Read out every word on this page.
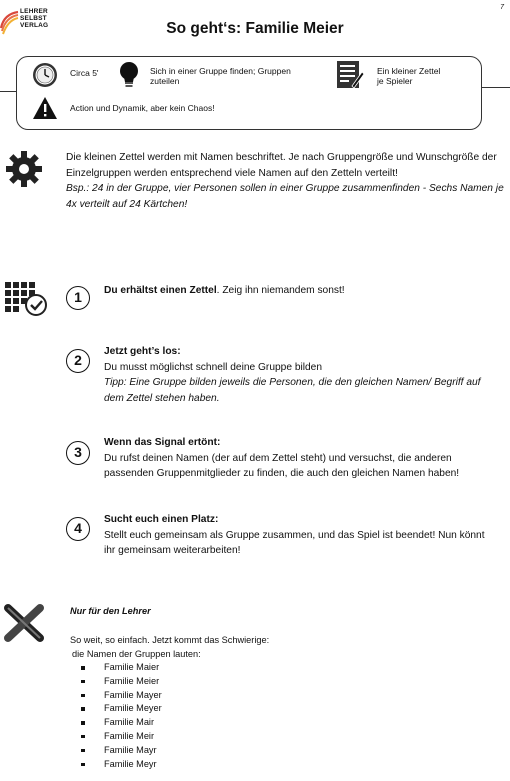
LEHRER
SELBST
VERLAG
7
So geht‘s: Familie Meier
Circa 5'	Sich in einer Gruppe finden; Gruppen zuteilen
Ein kleiner Zettel
je Spieler
Action und Dynamik, aber kein Chaos!
Die kleinen Zettel werden mit Namen beschriftet. Je nach Gruppengröße und Wunschgröße der Einzelgruppen werden entsprechend viele Namen auf den Zetteln verteilt!
Bsp.: 24 in der Gruppe, vier Personen sollen in einer Gruppe zusammenfinden - Sechs Namen je 4x verteilt auf 24 Kärtchen!
1	Du erhältst einen Zettel. Zeig ihn niemandem sonst!
2
Jetzt geht’s los:
Du musst möglichst schnell deine Gruppe bilden
Tipp: Eine Gruppe bilden jeweils die Personen, die den gleichen Namen/ Begriff auf dem Zettel stehen haben.
3
Wenn das Signal ertönt:
Du rufst deinen Namen (der auf dem Zettel steht) und versuchst, die anderen passenden Gruppenmitglieder zu finden, die auch den gleichen Namen haben!
4
Sucht euch einen Platz:
Stellt euch gemeinsam als Gruppe zusammen, und das Spiel ist beendet! Nun könnt ihr gemeinsam weiterarbeiten!
Nur für den Lehrer
So weit, so einfach. Jetzt kommt das Schwierige:
die Namen der Gruppen lauten:
Familie Maier
Familie Meier
Familie Mayer
Familie Meyer
Familie Mair
Familie Meir
Familie Mayr
Familie Meyr
